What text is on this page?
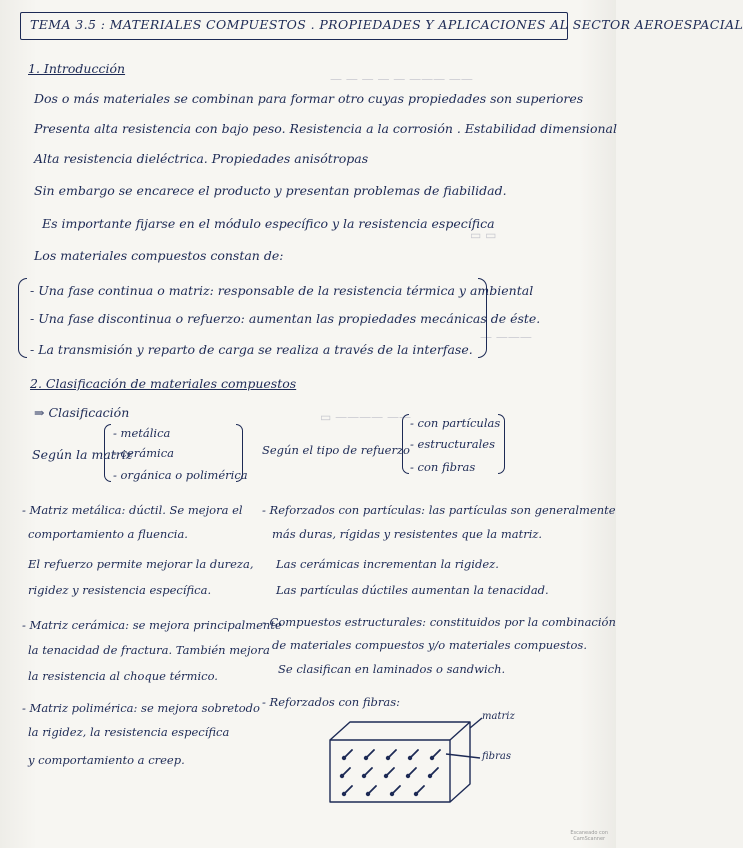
— — — — — ——— ——
▭ ▭
— ———
▭ ———— ——
TEMA 3.5 : MATERIALES COMPUESTOS . PROPIEDADES Y APLICACIONES AL SECTOR AEROESPACIAL
1. Introducción
Dos o más materiales se combinan para formar otro cuyas propiedades son superiores
Presenta alta resistencia con bajo peso. Resistencia a la corrosión . Estabilidad dimensional
Alta resistencia dieléctrica. Propiedades anisótropas
Sin embargo se encarece el producto y presentan problemas de fiabilidad.
Es importante fijarse en el módulo específico y la resistencia específica
Los materiales compuestos constan de:
- Una fase continua o matriz: responsable de la resistencia térmica y ambiental
- Una fase discontinua o refuerzo: aumentan las propiedades mecánicas de éste.
- La transmisión y reparto de carga se realiza a través de la interfase.
2. Clasificación de materiales compuestos
⇒ Clasificación
Según la matriz
- metálica
- cerámica
- orgánica o polimérica
Según el tipo de refuerzo
- con partículas
- estructurales
- con fibras
- Matriz metálica: dúctil. Se mejora el
comportamiento a fluencia.
El refuerzo permite mejorar la dureza,
rigidez y resistencia específica.
- Matriz cerámica: se mejora principalmente
la tenacidad de fractura. También mejora
la resistencia al choque térmico.
- Matriz polimérica: se mejora sobretodo
la rigidez, la resistencia específica
y comportamiento a creep.
- Reforzados con partículas: las partículas son generalmente
más duras, rígidas y resistentes que la matriz.
Las cerámicas incrementan la rigidez.
Las partículas dúctiles aumentan la tenacidad.
- Compuestos estructurales: constituidos por la combinación
de materiales compuestos y/o materiales compuestos.
Se clasifican en laminados o sandwich.
- Reforzados con fibras:
matriz
fibras
Escaneado con
CamScanner
